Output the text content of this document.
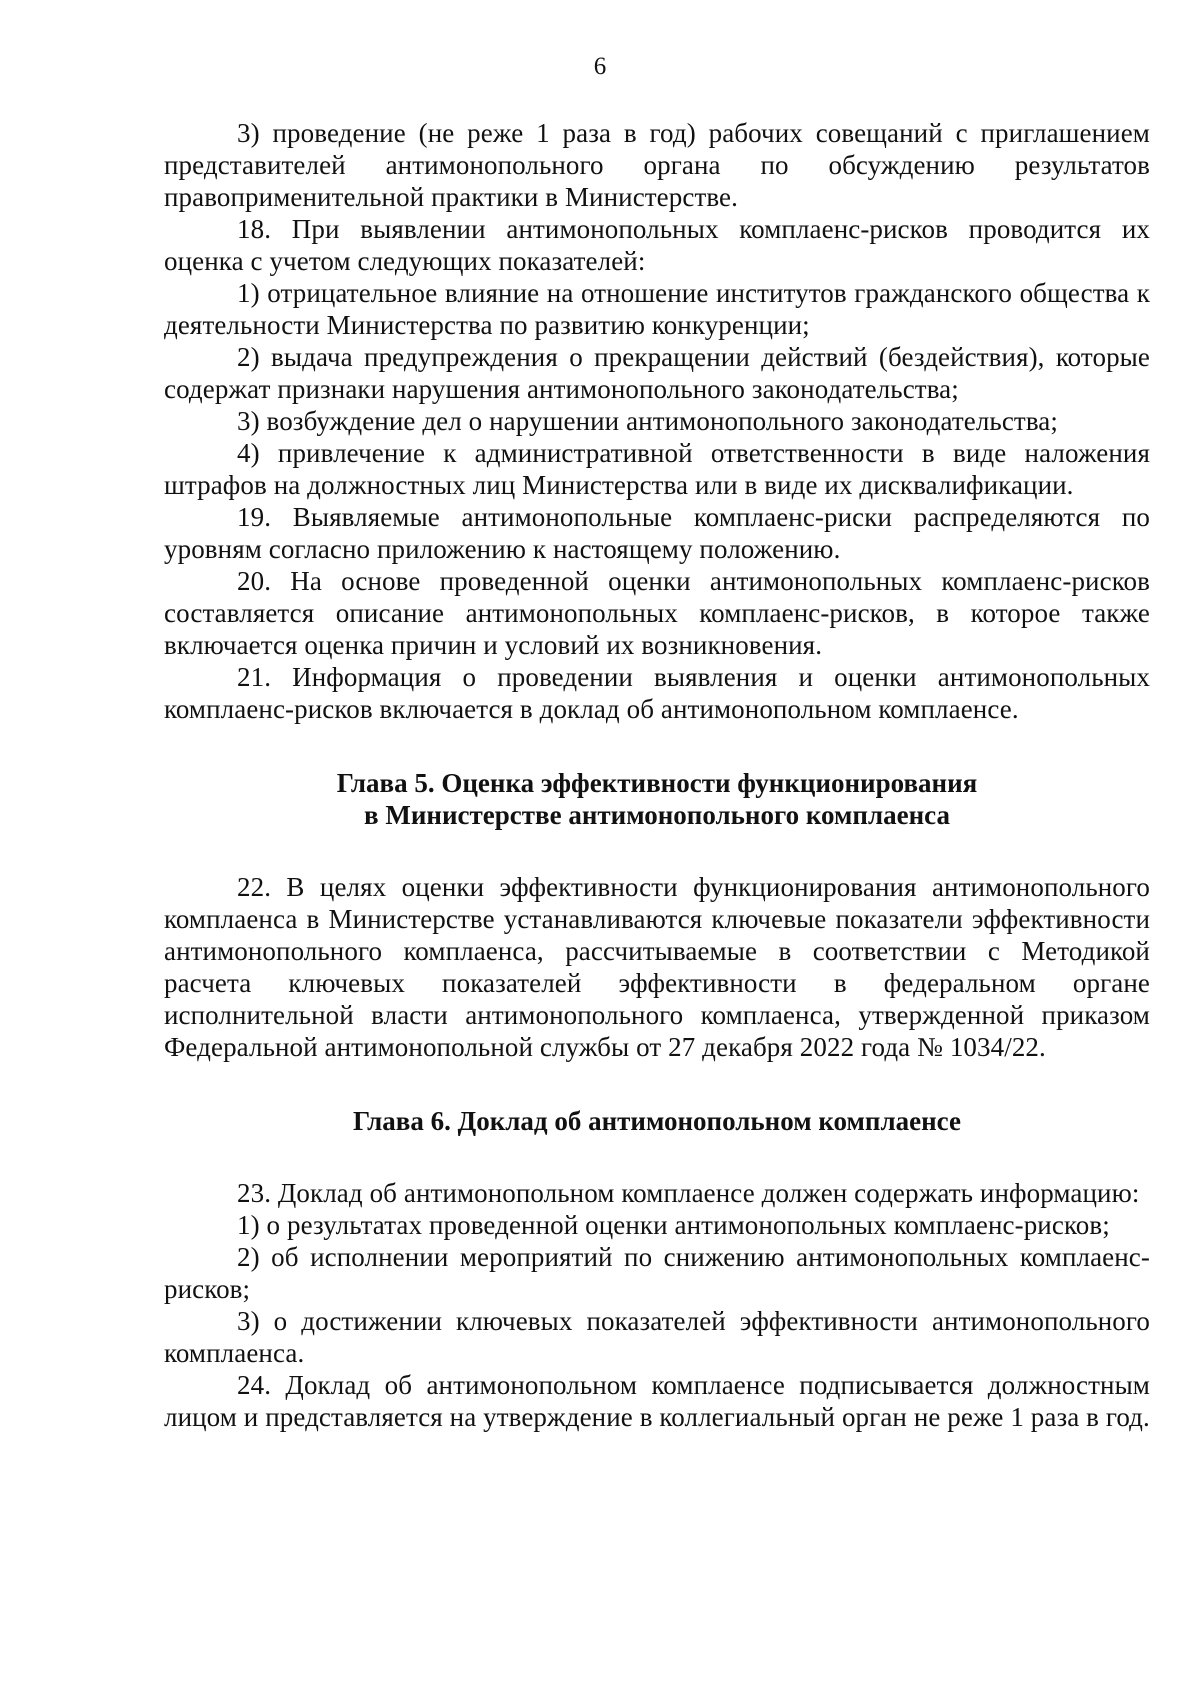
6

3) проведение (не реже 1 раза в год) рабочих совещаний с приглашением представителей антимонопольного органа по обсуждению результатов правоприменительной практики в Министерстве.

18. При выявлении антимонопольных комплаенс-рисков проводится их оценка с учетом следующих показателей:

1) отрицательное влияние на отношение институтов гражданского общества к деятельности Министерства по развитию конкуренции;

2) выдача предупреждения о прекращении действий (бездействия), которые содержат признаки нарушения антимонопольного законодательства;

3) возбуждение дел о нарушении антимонопольного законодательства;

4) привлечение к административной ответственности в виде наложения штрафов на должностных лиц Министерства или в виде их дисквалификации.

19. Выявляемые антимонопольные комплаенс-риски распределяются по уровням согласно приложению к настоящему положению.

20. На основе проведенной оценки антимонопольных комплаенс-рисков составляется описание антимонопольных комплаенс-рисков, в которое также включается оценка причин и условий их возникновения.

21. Информация о проведении выявления и оценки антимонопольных комплаенс-рисков включается в доклад об антимонопольном комплаенсе.

Глава 5. Оценка эффективности функционирования

в Министерстве антимонопольного комплаенса

22. В целях оценки эффективности функционирования антимонопольного комплаенса в Министерстве устанавливаются ключевые показатели эффективности антимонопольного комплаенса, рассчитываемые в соответствии с Методикой расчета ключевых показателей эффективности в федеральном органе исполнительной власти антимонопольного комплаенса, утвержденной приказом Федеральной антимонопольной службы от 27 декабря 2022 года № 1034/22.

Глава 6. Доклад об антимонопольном комплаенсе

23. Доклад об антимонопольном комплаенсе должен содержать информацию:

1) о результатах проведенной оценки антимонопольных комплаенс-рисков;

2) об исполнении мероприятий по снижению антимонопольных комплаенс-рисков;

3) о достижении ключевых показателей эффективности антимонопольного комплаенса.

24. Доклад об антимонопольном комплаенсе подписывается должностным лицом и представляется на утверждение в коллегиальный орган не реже 1 раза в год.
